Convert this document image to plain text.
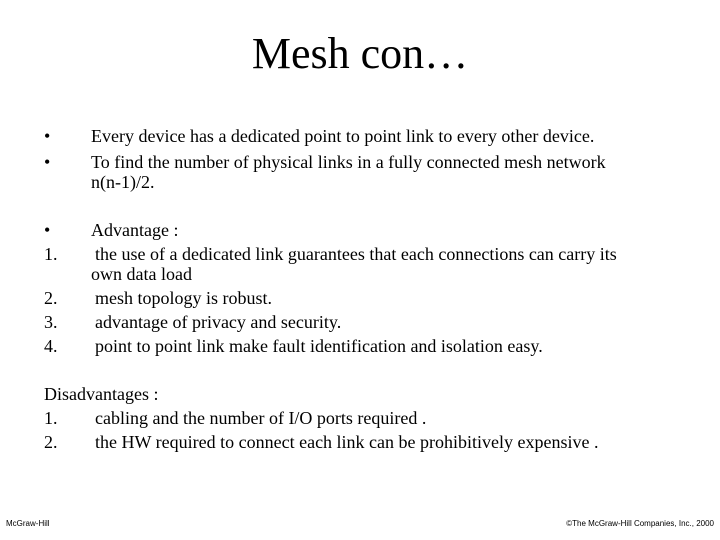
Mesh con…
•	Every device has a dedicated point to point link to every other device.
•	To find the number of physical links in a fully connected mesh network
n(n-1)/2.
•	Advantage :
1.	the use of a dedicated link guarantees that each connections can carry its
own data load
2.	mesh topology is robust.
3.	advantage of privacy and security.
4.	point to point link make fault identification and isolation easy.
Disadvantages :
1. cabling and the number of I/O ports required .
2. the HW required to connect each link can be prohibitively expensive .
McGraw-Hill	©The McGraw-Hill Companies, Inc., 2000
